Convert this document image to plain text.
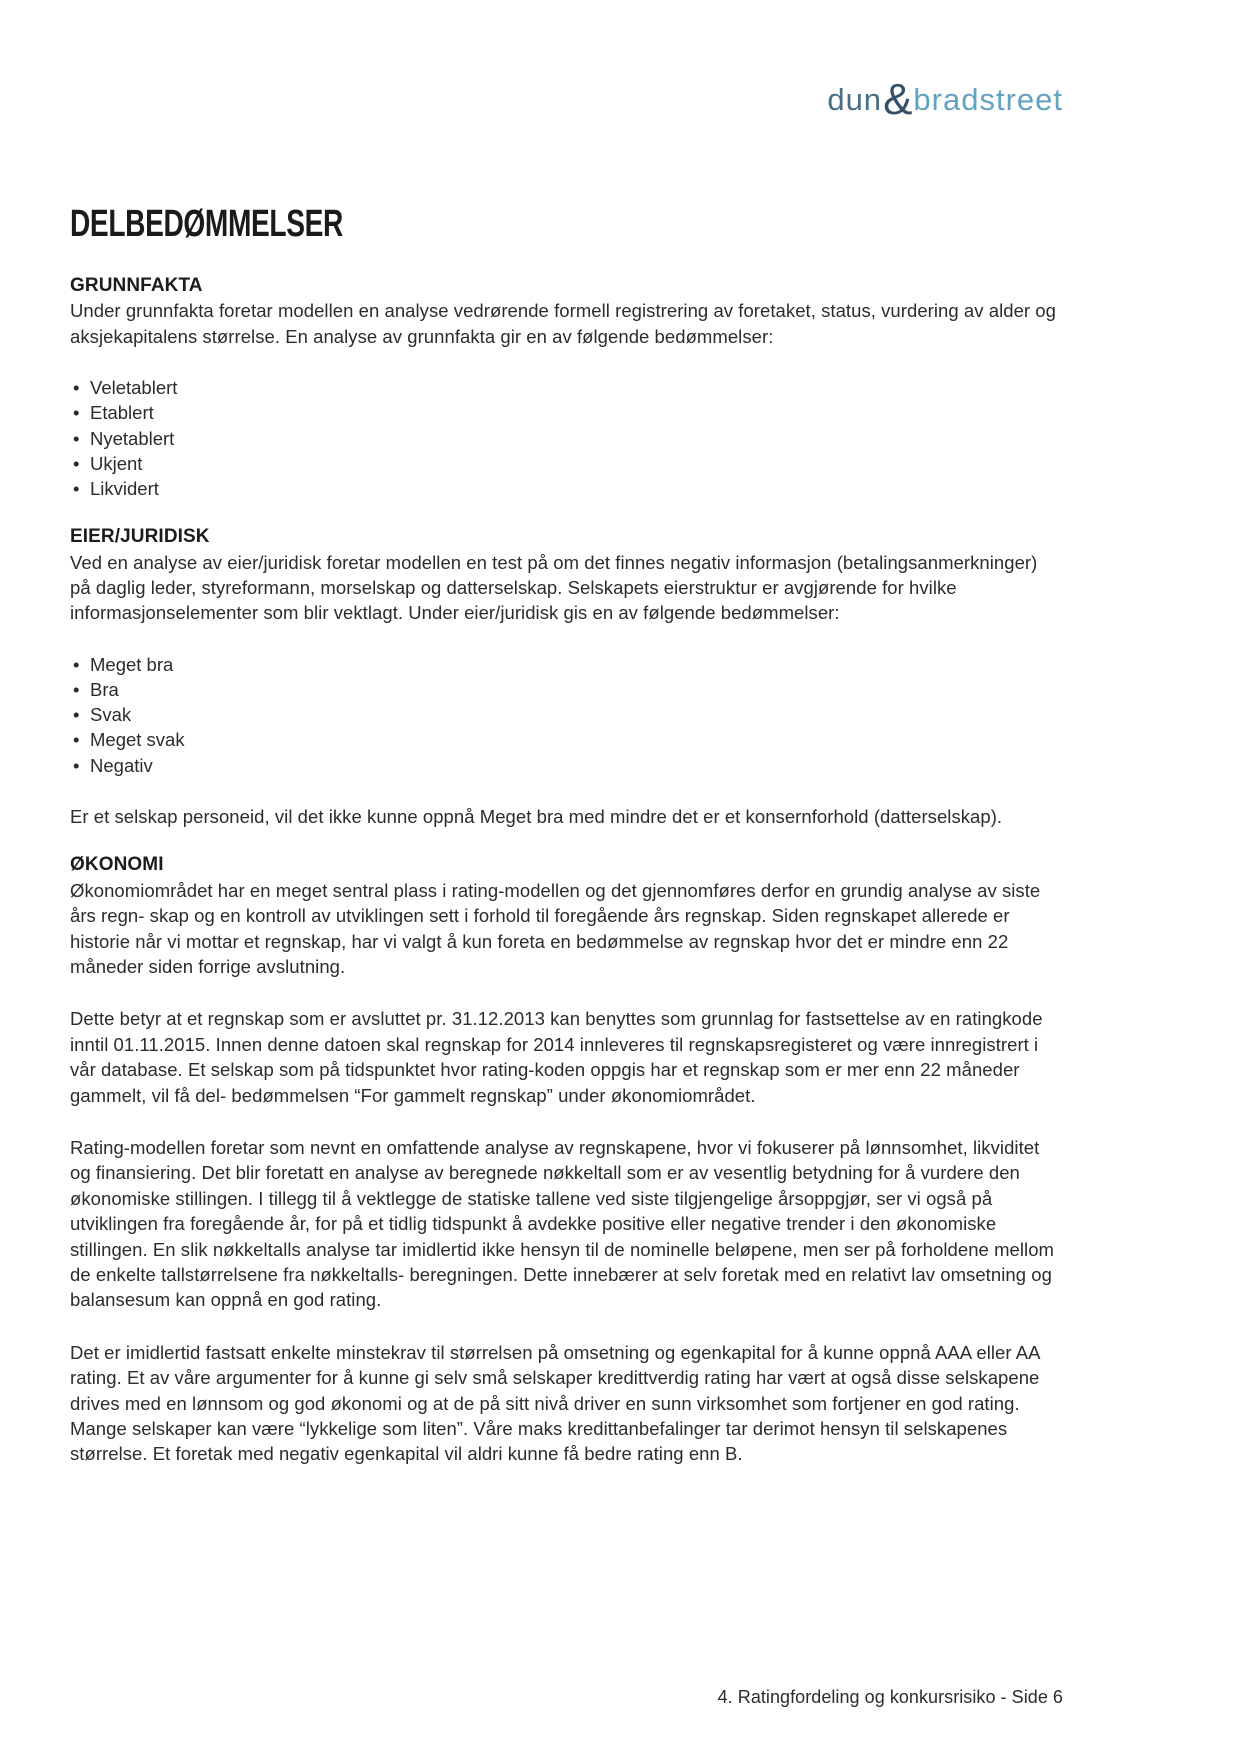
dun & bradstreet
DELBEDØMMELSER
GRUNNFAKTA

Under grunnfakta foretar modellen en analyse vedrørende formell registrering av foretaket, status, vurdering av alder og aksjekapitalens størrelse. En analyse av grunnfakta gir en av følgende bedømmelser:

• Veletablert
• Etablert
• Nyetablert
• Ukjent
• Likvidert
EIER/JURIDISK

Ved en analyse av eier/juridisk foretar modellen en test på om det finnes negativ informasjon (betalingsanmerkninger) på daglig leder, styreformann, morselskap og datterselskap. Selskapets eierstruktur er avgjørende for hvilke informasjonselementer som blir vektlagt. Under eier/juridisk gis en av følgende bedømmelser:

• Meget bra
• Bra
• Svak
• Meget svak
• Negativ

Er et selskap personeid, vil det ikke kunne oppnå Meget bra med mindre det er et konsernforhold (datterselskap).

ØKONOMI

Økonomiområdet har en meget sentral plass i rating-modellen og det gjennomføres derfor en grundig analyse av siste års regn- skap og en kontroll av utviklingen sett i forhold til foregående års regnskap. Siden regnskapet allerede er historie når vi mottar et regnskap, har vi valgt å kun foreta en bedømmelse av regnskap hvor det er mindre enn 22 måneder siden forrige avslutning.

Dette betyr at et regnskap som er avsluttet pr. 31.12.2013 kan benyttes som grunnlag for fastsettelse av en ratingkode inntil 01.11.2015. Innen denne datoen skal regnskap for 2014 innleveres til regnskapsregisteret og være innregistrert i vår database. Et selskap som på tidspunktet hvor rating-koden oppgis har et regnskap som er mer enn 22 måneder gammelt, vil få del- bedømmelsen “For gammelt regnskap” under økonomiområdet.

Rating-modellen foretar som nevnt en omfattende analyse av regnskapene, hvor vi fokuserer på lønnsomhet, likviditet og finansiering. Det blir foretatt en analyse av beregnede nøkkeltall som er av vesentlig betydning for å vurdere den økonomiske stillingen. I tillegg til å vektlegge de statiske tallene ved siste tilgjengelige årsoppgjør, ser vi også på utviklingen fra foregående år, for på et tidlig tidspunkt å avdekke positive eller negative trender i den økonomiske stillingen. En slik nøkkeltalls analyse tar imidlertid ikke hensyn til de nominelle beløpene, men ser på forholdene mellom de enkelte tallstørrelsene fra nøkkeltalls- beregningen. Dette innebærer at selv foretak med en relativt lav omsetning og balansesum kan oppnå en god rating.

Det er imidlertid fastsatt enkelte minstekrav til størrelsen på omsetning og egenkapital for å kunne oppnå AAA eller AA rating. Et av våre argumenter for å kunne gi selv små selskaper kredittverdig rating har vært at også disse selskapene drives med en lønnsom og god økonomi og at de på sitt nivå driver en sunn virksomhet som fortjener en god rating. Mange selskaper kan være “lykkelige som liten”. Våre maks kredittanbefalinger tar derimot hensyn til selskapenes størrelse. Et foretak med negativ egenkapital vil aldri kunne få bedre rating enn B.

4. Ratingfordeling og konkursrisiko - Side 6
